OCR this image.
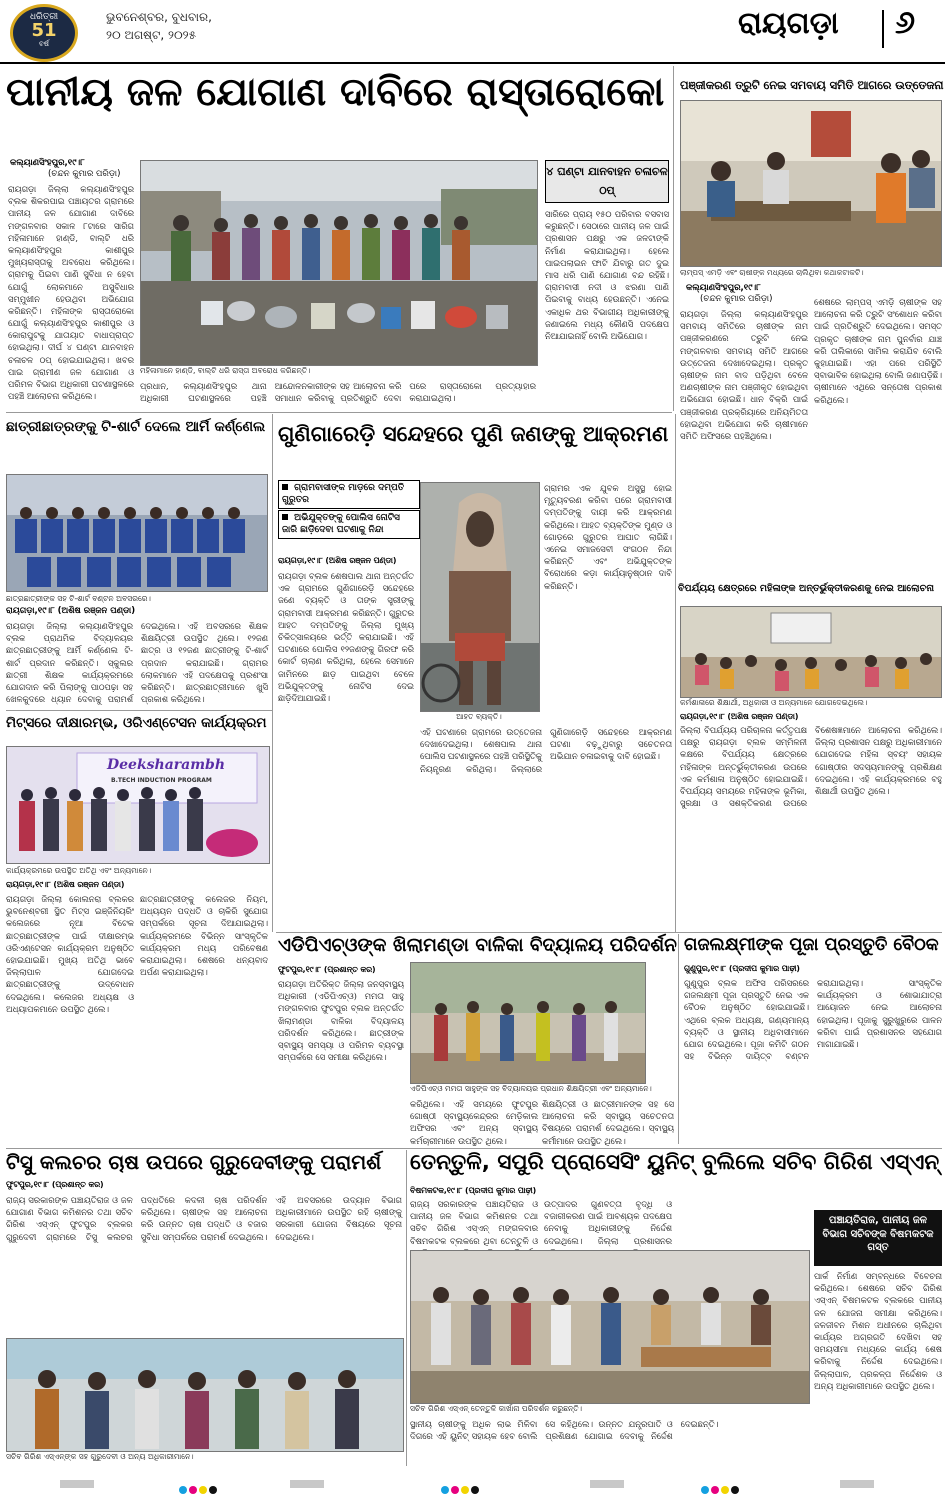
ଧରିତ୍ରୀ
51
ବର୍ଷ
ଭୁବନେଶ୍ବର, ବୁଧବାର,
୨୦ ଅଗଷ୍ଟ, ୨୦୨୫	ରାୟଗଡ଼ା ୬
ପାନୀୟ ଜଳ ଯୋଗାଣ ଦାବିରେ ରାସ୍ତାରୋକୋ
କଲ୍ୟାଣସିଂହପୁର,୧୯।୮
(ଚନ୍ଦନ କୁମାର ପରିଡ଼ା)
ରାୟଗଡ଼ା ଜିଲ୍ଲା କଲ୍ୟାଣସିଂହପୁର ବ୍ଲକ ଶିକରପାଇ ପଞ୍ଚାୟତର ଗ୍ରାମରେ ପାନୀୟ ଜଳ ଯୋଗାଣ ଦାବିରେ ମଙ୍ଗଳବାର ସକାଳ ୮ଟାରେ ସାରିଗ ମହିଳାମାନେ ହାଣ୍ଡି, ବାଲ୍‌ଟି ଧରି କଲ୍ୟାଣସିଂହପୁର କାଶୀପୁର ମୁଖ୍ୟରାସ୍ତାକୁ ଅବରୋଧ କରିଥିଲେ। ଗ୍ରାମକୁ ପିଇବା ପାଣି ସୁବିଧା ନ ହେବା ଯୋଗୁଁ ଲୋକମାନେ ଅସୁବିଧାର ସମ୍ମୁଖୀନ ହେଉଥିବା ଅଭିଯୋଗ କରିଛନ୍ତି। ମହିଳାଙ୍କ ରାସ୍ତାରୋକୋ ଯୋଗୁଁ କଲ୍ୟାଣସିଂହପୁର କାଶୀପୁର ଓ କୋରାପୁଟକୁ ଯାତାୟାତ ବାଧାପ୍ରାପ୍ତ ହୋଇଥିଲା। ଦୀର୍ଘ ୪ ଘଣ୍ଟା ଯାନବାହନ ଚଳାଚଳ ଠପ୍ ହୋଇଯାଇଥିଲା। ଖବର ପାଇ ଗ୍ରାମୀଣ ଜଳ ଯୋଗାଣ ଓ ପରିମଳ ବିଭାଗ ଅଧିକାରୀ ଘଟଣାସ୍ଥଳରେ ପହଞ୍ଚି ଆଲୋଚନା କରିଥିଲେ।
ମହିଳାମାନେ ହାଣ୍ଡି, ବାଲ୍‌ଟି ଧରି ରାସ୍ତା ଅବରୋଧ କରିଛନ୍ତି।
ପ୍ରଧାନ, କଲ୍ୟାଣସିଂହପୁର ଥାନା ଅଧିକାରୀ ଘଟଣାସ୍ଥଳରେ ପହଞ୍ଚି ଆନ୍ଦୋଳନକାରୀଙ୍କ ସହ ଆଲୋଚନା କରି ସମାଧାନ କରିବାକୁ ପ୍ରତିଶ୍ରୁତି ଦେବା ପରେ ରାସ୍ତାରୋକୋ ପ୍ରତ୍ୟାହାର କରାଯାଇଥିଲା।
୪ ଘଣ୍ଟା ଯାନବାହନ ଚଳାଚଳ ଠପ୍
ସାରିରେ ପ୍ରାୟ ୧୫୦ ପରିବାର ବସବାସ କରୁଛନ୍ତି। ସେଠାରେ ପାନୀୟ ଜଳ ପାଇଁ ପ୍ରଶାସନ ପକ୍ଷରୁ ଏକ ଜଳଟାଙ୍କି ନିର୍ମାଣ କରାଯାଇଥିଲା। ହେଲେ ପାଇପଲାଇନ ଫାଟି ଯିବାରୁ ଗତ ଦୁଇ ମାସ ଧରି ପାଣି ଯୋଗାଣ ବନ୍ଦ ରହିଛି। ଗ୍ରାମବାସୀ ନଦୀ ଓ ଝରଣା ପାଣି ପିଇବାକୁ ବାଧ୍ୟ ହେଉଛନ୍ତି। ଏନେଇ ଏକାଧିକ ଥର ବିଭାଗୀୟ ଅଧିକାରୀଙ୍କୁ ଜଣାଇଲେ ମଧ୍ୟ କୌଣସି ପଦକ୍ଷେପ ନିଆଯାଇନାହିଁ ବୋଲି ଅଭିଯୋଗ।
ପଞ୍ଜୀକରଣ ତ୍ରୁଟି ନେଇ ସମବାୟ ସମିତି ଆଗରେ ଉତ୍ତେଜନା
ଲାମ୍ପସ୍ ଏମଡ଼ି ଏବଂ ଚାଷୀଙ୍କ ମଧ୍ୟରେ ଚାଲିଥିବା କଥାକଟାକଟି।
କଲ୍ୟାଣସିଂହପୁର,୧୯।୮
(ଚନ୍ଦନ କୁମାର ପରିଡ଼ା)
ରାୟଗଡ଼ା ଜିଲ୍ଲା କଲ୍ୟାଣସିଂହପୁର ସମବାୟ ସମିତିରେ ଚାଷୀଙ୍କ ନାମ ପଞ୍ଜୀକରଣରେ ତ୍ରୁଟି ନେଇ ମଙ୍ଗଳବାର ସମବାୟ ସମିତି ଆଗରେ ଉତ୍ତେଜନା ଦେଖାଦେଇଥିଲା। ପ୍ରକୃତ ଚାଷୀଙ୍କ ନାମ ବାଦ ପଡ଼ିଥିବା ବେଳେ ଅଣଚାଷୀଙ୍କ ନାମ ପଞ୍ଜୀକୃତ ହୋଇଥିବା ଅଭିଯୋଗ ହୋଇଛି। ଧାନ ବିକ୍ରି ପାଇଁ ପଞ୍ଜୀକରଣ ପ୍ରକ୍ରିୟାରେ ଅନିୟମିତତା ହୋଇଥିବା ଅଭିଯୋଗ କରି ଚାଷୀମାନେ ସମିତି ଅଫିସରେ ପହଞ୍ଚିଥିଲେ।
ଶେଷରେ ଲାମ୍ପସ୍ ଏମଡ଼ି ଚାଷୀଙ୍କ ସହ ଆଲୋଚନା କରି ତ୍ରୁଟି ସଂଶୋଧନ କରିବା ପାଇଁ ପ୍ରତିଶ୍ରୁତି ଦେଇଥିଲେ। ସମସ୍ତ ପ୍ରକୃତ ଚାଷୀଙ୍କ ନାମ ପୁନର୍ବାର ଯାଞ୍ଚ କରି ତାଲିକାରେ ସାମିଲ କରାଯିବ ବୋଲି କୁହାଯାଇଛି। ଏହା ପରେ ପରିସ୍ଥିତି ସ୍ବାଭାବିକ ହୋଇଥିଲା ବୋଲି ଜଣାପଡ଼ିଛି। ଚାଷୀମାନେ ଏଥିରେ ସନ୍ତୋଷ ପ୍ରକାଶ କରିଥିଲେ।
ଛାତ୍ରୀଛାତ୍ରଙ୍କୁ ଟି-ଶାର୍ଟ ଦେଲେ ଆର୍ମି କର୍ଣ୍ଣେଲ
ଛାତ୍ରଛାତ୍ରୀଙ୍କ ସହ ଟି-ଶାର୍ଟ ବଣ୍ଟନ ଅବସରରେ।
ରାୟଗଡ଼ା,୧୯।୮ (ଅଶିଷ ରଞ୍ଜନ ପଣ୍ଡା)
ରାୟଗଡ଼ା ଜିଲ୍ଲା କଲ୍ୟାଣସିଂହପୁର ବ୍ଲକ ପ୍ରାଥମିକ ବିଦ୍ୟାଳୟର ଛାତ୍ରଛାତ୍ରୀଙ୍କୁ ଆର୍ମି କର୍ଣ୍ଣେଲ ଟି-ଶାର୍ଟ ପ୍ରଦାନ କରିଛନ୍ତି। ସ୍କୁଲର ଛାତ୍ରୀ ଶିକ୍ଷକ କାର୍ଯ୍ୟକ୍ରମରେ ଯୋଗଦାନ କରି ପିଲାଙ୍କୁ ପାଠପଢ଼ା ସହ ଖେଳକୁଦରେ ଧ୍ୟାନ ଦେବାକୁ ପରାମର୍ଶ ଦେଇଥିଲେ। ଏହି ଅବସରରେ ଶିକ୍ଷକ ଶିକ୍ଷୟିତ୍ରୀ ଉପସ୍ଥିତ ଥିଲେ। ୧୨ଜଣ ଛାତ୍ର ଓ ୧୨ଜଣ ଛାତ୍ରୀଙ୍କୁ ଟି-ଶାର୍ଟ ପ୍ରଦାନ କରାଯାଇଛି। ଗ୍ରାମର ଲୋକମାନେ ଏହି ପଦକ୍ଷେପକୁ ପ୍ରଶଂସା କରିଛନ୍ତି। ଛାତ୍ରଛାତ୍ରୀମାନେ ଖୁସି ପ୍ରକାଶ କରିଥିଲେ।
ଗୁଣିଗାରେଡ଼ି ସନ୍ଦେହରେ ପୁଣି ଜଣଙ୍କୁ ଆକ୍ରମଣ
ଗ୍ରାମବାସୀଙ୍କ ମାଡ଼ରେ ଦମ୍ପତି ଗୁରୁତର
ଅଭିଯୁକ୍ତଙ୍କୁ ପୋଲିସ ନୋଟିସ ଜାରି ଛାଡ଼ିଦେବା ଘଟଣାକୁ ନିନ୍ଦା
ରାୟଗଡ଼ା,୧୯।୮ (ଅଶିଷ ରଞ୍ଜନ ପଣ୍ଡା)
ରାୟଗଡ଼ା ବ୍ଲକ ଶେଷପାଲ ଥାନା ଅନ୍ତର୍ଗତ ଏକ ଗ୍ରାମରେ ଗୁଣିଗାରେଡ଼ି ସନ୍ଦେହରେ ଜଣେ ବ୍ୟକ୍ତି ଓ ତାଙ୍କ ସ୍ତ୍ରୀଙ୍କୁ ଗ୍ରାମବାସୀ ଆକ୍ରମଣ କରିଛନ୍ତି। ଗୁରୁତର ଆହତ ଦମ୍ପତିଙ୍କୁ ଜିଲ୍ଲା ମୁଖ୍ୟ ଚିକିତ୍ସାଳୟରେ ଭର୍ତ୍ତି କରାଯାଇଛି। ଏହି ଘଟଣାରେ ପୋଲିସ ୧୨ଜଣଙ୍କୁ ଗିରଫ କରି କୋର୍ଟ ଚାଲାଣ କରିଥିଲା, ହେଲେ ସେମାନେ ଜାମିନରେ ଛାଡ଼ ପାଇଥିବା ବେଳେ ଅଭିଯୁକ୍ତଙ୍କୁ ନୋଟିସ ଦେଇ ଛାଡ଼ିଦିଆଯାଇଛି।
ଆହତ ବ୍ୟକ୍ତି।
ଗ୍ରାମର ଏକ ଯୁବକ ଅସୁସ୍ଥ ହୋଇ ମୃତ୍ୟୁବରଣ କରିବା ପରେ ଗ୍ରାମବାସୀ ଦମ୍ପତିଙ୍କୁ ଦାୟୀ କରି ଆକ୍ରମଣ କରିଥିଲେ। ଆହତ ବ୍ୟକ୍ତିଙ୍କ ମୁଣ୍ଡ ଓ ଗୋଡ଼ରେ ଗୁରୁତର ଆଘାତ ଲାଗିଛି। ଏନେଇ ସମାଜସେବୀ ସଂଗଠନ ନିନ୍ଦା କରିଛନ୍ତି ଏବଂ ଅଭିଯୁକ୍ତଙ୍କ ବିରୋଧରେ କଡ଼ା କାର୍ଯ୍ୟାନୁଷ୍ଠାନ ଦାବି କରିଛନ୍ତି।
ଏହି ଘଟଣାରେ ଗ୍ରାମରେ ଉତ୍ତେଜନା ଦେଖାଦେଇଥିଲା। ଶେଷପାଲ ଥାନା ପୋଲିସ ଘଟଣାସ୍ଥଳରେ ପହଞ୍ଚି ପରିସ୍ଥିତିକୁ ନିୟନ୍ତ୍ରଣ କରିଥିଲା। ଜିଲ୍ଲାରେ ଗୁଣିଗାରେଡ଼ି ସନ୍ଦେହରେ ଆକ୍ରମଣ ଘଟଣା ବଢ଼ୁଥିବାରୁ ସଚେତନତା ଅଭିଯାନ ଚଳାଇବାକୁ ଦାବି ହୋଇଛି।
ବିପର୍ଯ୍ୟୟ କ୍ଷେତ୍ରରେ ମହିଳାଙ୍କ ଅନ୍ତର୍ଭୁକ୍ତୀକରଣକୁ ନେଇ ଆଲୋଚନା
କର୍ମଶାଳାରେ ଶିକ୍ଷାର୍ଥୀ, ଅଧିକାରୀ ଓ ଅନ୍ୟମାନେ ଯୋଗଦେଇଥିଲେ।
ରାୟଗଡ଼ା,୧୯।୮ (ଅଶିଷ ରଞ୍ଜନ ପଣ୍ଡା)
ଜିଲ୍ଲା ବିପର୍ଯ୍ୟୟ ପରିଚାଳନା କର୍ତ୍ତୃପକ୍ଷ ପକ୍ଷରୁ ରାୟଗଡ଼ା ବ୍ଲକ ସମ୍ମିଳନୀ କକ୍ଷରେ ବିପର୍ଯ୍ୟୟ କ୍ଷେତ୍ରରେ ମହିଳାଙ୍କ ଅନ୍ତର୍ଭୁକ୍ତୀକରଣ ଉପରେ ଏକ କର୍ମଶାଳା ଅନୁଷ୍ଠିତ ହୋଇଯାଇଛି। ବିପର୍ଯ୍ୟୟ ସମୟରେ ମହିଳାଙ୍କ ଭୂମିକା, ସୁରକ୍ଷା ଓ ସଶକ୍ତିକରଣ ଉପରେ ବିଶେଷଜ୍ଞମାନେ ଆଲୋଚନା କରିଥିଲେ। ଜିଲ୍ଲା ପ୍ରଶାସନ ପକ୍ଷରୁ ଅଧିକାରୀମାନେ ଯୋଗଦେଇ ମହିଳା ସ୍ବୟଂ ସହାୟକ ଗୋଷ୍ଠୀର ସଦସ୍ୟମାନଙ୍କୁ ପ୍ରଶିକ୍ଷଣ ଦେଇଥିଲେ। ଏହି କାର୍ଯ୍ୟକ୍ରମରେ ବହୁ ଶିକ୍ଷାର୍ଥୀ ଉପସ୍ଥିତ ଥିଲେ।
ମିଟ୍‌ସରେ ଦୀକ୍ଷାରମ୍ଭ, ଓରିଏଣ୍ଟେସନ କାର୍ଯ୍ୟକ୍ରମ
Deeksharambh
B.TECH INDUCTION PROGRAM
କାର୍ଯ୍ୟକ୍ରମରେ ଉପସ୍ଥିତ ଅତିଥି ଏବଂ ଅନ୍ୟମାନେ।
ରାୟଗଡ଼ା,୧୯।୮ (ଅଶିଷ ରଞ୍ଜନ ପଣ୍ଡା)
ରାୟଗଡ଼ା ଜିଲ୍ଲା କୋଲନରା ବ୍ଲକର ଭୁବନେଶ୍ବରୀ ସ୍ଥିତ ମିଟ୍‌ସ ଇଞ୍ଜିନିୟରିଂ କଲେଜରେ ନୂଆ ବିଟେକ ଛାତ୍ରଛାତ୍ରୀଙ୍କ ପାଇଁ ଦୀକ୍ଷାରମ୍ଭ ଓରିଏଣ୍ଟେସନ କାର୍ଯ୍ୟକ୍ରମ ଅନୁଷ୍ଠିତ ହୋଇଯାଇଛି। ମୁଖ୍ୟ ଅତିଥି ଭାବେ ଜିଲ୍ଲାପାଳ ଯୋଗଦେଇ ଛାତ୍ରଛାତ୍ରୀଙ୍କୁ ଉଦ୍ବୋଧନ ଦେଇଥିଲେ। କଲେଜର ଅଧ୍ୟକ୍ଷ ଓ ଅଧ୍ୟାପକମାନେ ଉପସ୍ଥିତ ଥିଲେ।
ଛାତ୍ରଛାତ୍ରୀଙ୍କୁ କଲେଜର ନିୟମ, ଅଧ୍ୟୟନ ପଦ୍ଧତି ଓ ଚାକିରି ସୁଯୋଗ ସମ୍ପର୍କରେ ସୂଚନା ଦିଆଯାଇଥିଲା। କାର୍ଯ୍ୟକ୍ରମରେ ବିଭିନ୍ନ ସାଂସ୍କୃତିକ କାର୍ଯ୍ୟକ୍ରମ ମଧ୍ୟ ପରିବେଷଣ କରାଯାଇଥିଲା। ଶେଷରେ ଧନ୍ୟବାଦ ଅର୍ପଣ କରାଯାଇଥିଲା।
ଏଡିପିଏଚ୍‌ଓଙ୍କ ଖିଲାମଣ୍ଡା ବାଳିକା ବିଦ୍ୟାଳୟ ପରିଦର୍ଶନ
ଫୁଟପୁର,୧୯।୮ (ପ୍ରଶାନ୍ତ କର)
ରାୟଗଡ଼ା ଅତିରିକ୍ତ ଜିଲ୍ଲା ଜନସ୍ବାସ୍ଥ୍ୟ ଅଧିକାରୀ (ଏଡିପିଏଚ୍‌ଓ) ମମତା ସାହୁ ମଙ୍ଗଳବାର ଫୁଟପୁର ବ୍ଲକ ଅନ୍ତର୍ଗତ ଖିଲାମଣ୍ଡା ବାଳିକା ବିଦ୍ୟାଳୟ ପରିଦର୍ଶନ କରିଥିଲେ। ଛାତ୍ରୀଙ୍କ ସ୍ବାସ୍ଥ୍ୟ ସମସ୍ୟା ଓ ପରିମଳ ବ୍ୟବସ୍ଥା ସମ୍ପର୍କରେ ସେ ସମୀକ୍ଷା କରିଥିଲେ।
ଏଡିପିଏଚ୍‌ଓ ମମତା ସାହୁଙ୍କ ସହ ବିଦ୍ୟାଳୟର ପ୍ରଧାନ ଶିକ୍ଷୟିତ୍ରୀ ଏବଂ ଅନ୍ୟମାନେ।
ଶିକ୍ଷୟିତ୍ରୀ ଓ ଛାତ୍ରୀମାନଙ୍କ ସହ ସେ ଆଲୋଚନା କରି ସ୍ବାସ୍ଥ୍ୟ ସଚେତନତା ବିଷୟରେ ପରାମର୍ଶ ଦେଇଥିଲେ। ସ୍ବାସ୍ଥ୍ୟ କର୍ମୀମାନେ ଉପସ୍ଥିତ ଥିଲେ।
କରିଥିଲେ। ଏହି ସମୟରେ ଫୁଟପୁର ଗୋଷ୍ଠୀ ସ୍ବାସ୍ଥ୍ୟକେନ୍ଦ୍ରର ମେଡ଼ିକାଲ ଅଫିସର ଏବଂ ଅନ୍ୟ ସ୍ବାସ୍ଥ୍ୟ କର୍ମଚାରୀମାନେ ଉପସ୍ଥିତ ଥିଲେ।
ଗଜଲକ୍ଷ୍ମୀଙ୍କ ପୂଜା ପ୍ରସ୍ତୁତି ବୈଠକ
ଗୁଣୁପୁର,୧୯।୮ (ପ୍ରଦୀପ କୁମାର ପାଢ଼ୀ)
ଗୁଣୁପୁର ବ୍ଲକ ଅଫିସ ପରିସରରେ ଗଜଲକ୍ଷ୍ମୀ ପୂଜା ପ୍ରସ୍ତୁତି ନେଇ ଏକ ବୈଠକ ଅନୁଷ୍ଠିତ ହୋଇଯାଇଛି। ଏଥିରେ ବ୍ଲକ ଅଧ୍ୟକ୍ଷ, ଗଣ୍ୟମାନ୍ୟ ବ୍ୟକ୍ତି ଓ ସ୍ଥାନୀୟ ଅଧିବାସୀମାନେ ଯୋଗ ଦେଇଥିଲେ। ପୂଜା କମିଟି ଗଠନ ସହ ବିଭିନ୍ନ ଦାୟିତ୍ବ ବଣ୍ଟନ କରାଯାଇଥିଲା। ସାଂସ୍କୃତିକ କାର୍ଯ୍ୟକ୍ରମ ଓ ଶୋଭାଯାତ୍ରା ଆୟୋଜନ ନେଇ ଆଲୋଚନା ହୋଇଥିଲା। ପୂଜାକୁ ସୁରୁଖୁରୁରେ ପାଳନ କରିବା ପାଇଁ ପ୍ରଶାସନର ସହଯୋଗ ମାଗାଯାଇଛି।
ଟିସୁ କଲଚର ଚାଷ ଉପରେ ଗୁରୁଦେବୀଙ୍କୁ ପରାମର୍ଶ
ଫୁଟପୁର,୧୯।୮ (ପ୍ରଶାନ୍ତ କର)
ରାଜ୍ୟ ସରକାରଙ୍କ ପଞ୍ଚାୟତିରାଜ ଓ ଜଳ ଯୋଗାଣ ବିଭାଗ କମିଶନର ତଥା ସଚିବ ଗିରିଶ ଏସ୍‌ଏନ୍ ଫୁଟପୁର ବ୍ଲକର ଗୁରୁଦେବୀ ଗ୍ରାମରେ ଟିସୁ କଲଚର ପଦ୍ଧତିରେ କଦଳୀ ଚାଷ ପରିଦର୍ଶନ କରିଥିଲେ। ଚାଷୀଙ୍କ ସହ ଆଲୋଚନା କରି ଉନ୍ନତ ଚାଷ ପଦ୍ଧତି ଓ ବଜାର ସୁବିଧା ସମ୍ପର୍କରେ ପରାମର୍ଶ ଦେଇଥିଲେ। ଏହି ଅବସରରେ ଉଦ୍ୟାନ ବିଭାଗ ଅଧିକାରୀମାନେ ଉପସ୍ଥିତ ରହି ଚାଷୀଙ୍କୁ ସରକାରୀ ଯୋଜନା ବିଷୟରେ ସୂଚନା ଦେଇଥିଲେ।
ସଚିବ ଗିରିଶ ଏସ୍‌ଏନ୍‌ଙ୍କ ସହ ଗୁରୁଦେବୀ ଓ ଅନ୍ୟ ଅଧିକାରୀମାନେ।
ତେନ୍ତୁଳି, ସପୁରି ପ୍ରୋସେସିଂ ୟୁନିଟ୍ ବୁଲିଲେ ସଚିବ ଗିରିଶ ଏସ୍‌ଏନ୍
ବିଷମକଟକ,୧୯।୮ (ପ୍ରଦୀପ କୁମାର ପାଢ଼ୀ)
ରାଜ୍ୟ ସରକାରଙ୍କ ପଞ୍ଚାୟତିରାଜ ଓ ପାନୀୟ ଜଳ ବିଭାଗ କମିଶନର ତଥା ସଚିବ ଗିରିଶ ଏସ୍‌ଏନ୍ ମଙ୍ଗଳବାର ବିଷମକଟକ ବ୍ଲକରେ ଥିବା ତେନ୍ତୁଳି ଓ
ଉତ୍ପାଦର ଗୁଣବତ୍ତା ବୃଦ୍ଧି ଓ ବଜାରୀକରଣ ପାଇଁ ଆବଶ୍ୟକ ପଦକ୍ଷେପ ନେବାକୁ ଅଧିକାରୀଙ୍କୁ ନିର୍ଦ୍ଦେଶ ଦେଇଥିଲେ। ଜିଲ୍ଲା ପ୍ରଶାସନର
ସଚିବ ଗିରିଶ ଏସ୍‌ଏନ୍ ତେନ୍ତୁଳି କାର୍ଖାନା ପରିଦର୍ଶନ କରୁଛନ୍ତି।
ସ୍ଥାନୀୟ ଚାଷୀଙ୍କୁ ଅଧିକ ଲାଭ ମିଳିବା ଦିଗରେ ଏହି ୟୁନିଟ୍ ସହାୟକ ହେବ ବୋଲି ସେ କହିଥିଲେ। ଉନ୍ନତ ଯନ୍ତ୍ରପାତି ଓ ପ୍ରଶିକ୍ଷଣ ଯୋଗାଇ ଦେବାକୁ ନିର୍ଦ୍ଦେଶ ଦେଇଛନ୍ତି।
ପଞ୍ଚାୟତିରାଜ, ପାନୀୟ ଜଳ ବିଭାଗ ସଚିବଙ୍କ ବିଷମକଟକ ଗସ୍ତ
ପାର୍କ ନିର୍ମାଣ ସମ୍ବନ୍ଧରେ ବିବେଚନା କରିଥିଲେ। ଶେଷରେ ସଚିବ ଗିରିଶ ଏସ୍‌ଏନ୍ ବିଷମକଟକ ବ୍ଲକରେ ପାନୀୟ ଜଳ ଯୋଜନା ସମୀକ୍ଷା କରିଥିଲେ। ଜଳଜୀବନ ମିଶନ ଅଧୀନରେ ଚାଲିଥିବା କାର୍ଯ୍ୟର ଅଗ୍ରଗତି ଦେଖିବା ସହ ସମୟସୀମା ମଧ୍ୟରେ କାର୍ଯ୍ୟ ଶେଷ କରିବାକୁ ନିର୍ଦ୍ଦେଶ ଦେଇଥିଲେ। ଜିଲ୍ଲାପାଳ, ପ୍ରକଳ୍ପ ନିର୍ଦ୍ଦେଶକ ଓ ଅନ୍ୟ ଅଧିକାରୀମାନେ ଉପସ୍ଥିତ ଥିଲେ।
